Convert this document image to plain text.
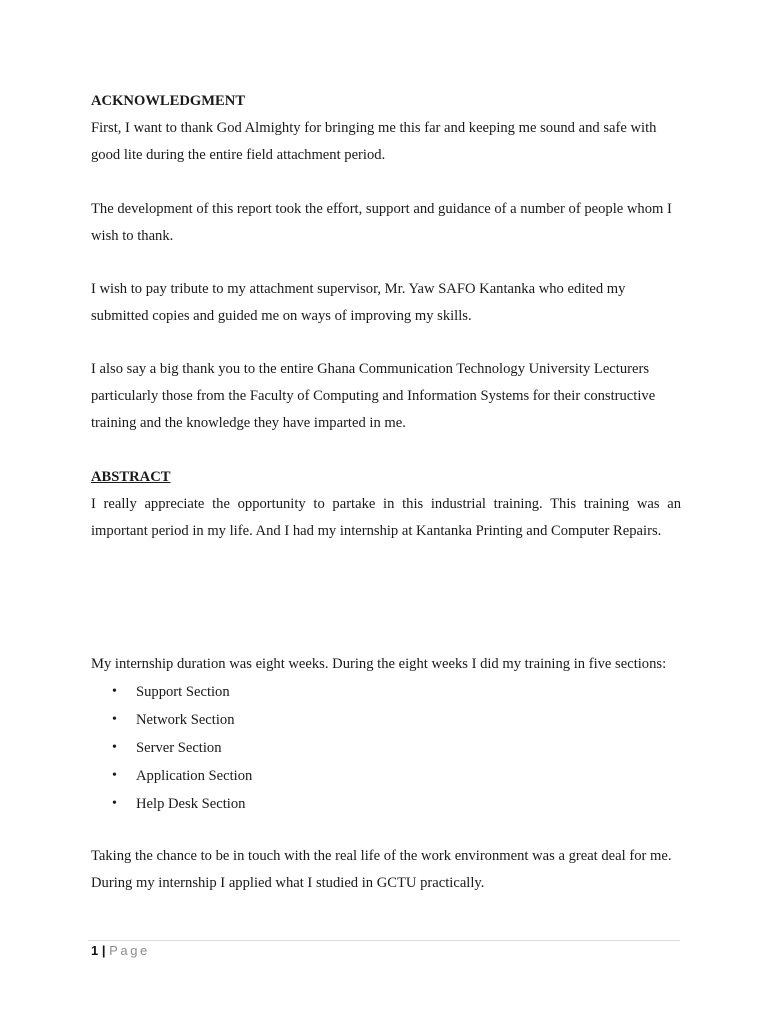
ACKNOWLEDGMENT

First, I want to thank God Almighty for bringing me this far and keeping me sound and safe with good lite during the entire field attachment period.

The development of this report took the effort, support and guidance of a number of people whom I wish to thank.

I wish to pay tribute to my attachment supervisor, Mr. Yaw SAFO Kantanka who edited my submitted copies and guided me on ways of improving my skills.

I also say a big thank you to the entire Ghana Communication Technology University Lecturers particularly those from the Faculty of Computing and Information Systems for their constructive training and the knowledge they have imparted in me.

ABSTRACT

I really appreciate the opportunity to partake in this industrial training. This training was an important period in my life. And I had my internship at Kantanka Printing and Computer Repairs.

My internship duration was eight weeks. During the eight weeks I did my training in five sections:

• Support Section
• Network Section
• Server Section
• Application Section
• Help Desk Section

Taking the chance to be in touch with the real life of the work environment was a great deal for me. During my internship I applied what I studied in GCTU practically.

1 | Page
